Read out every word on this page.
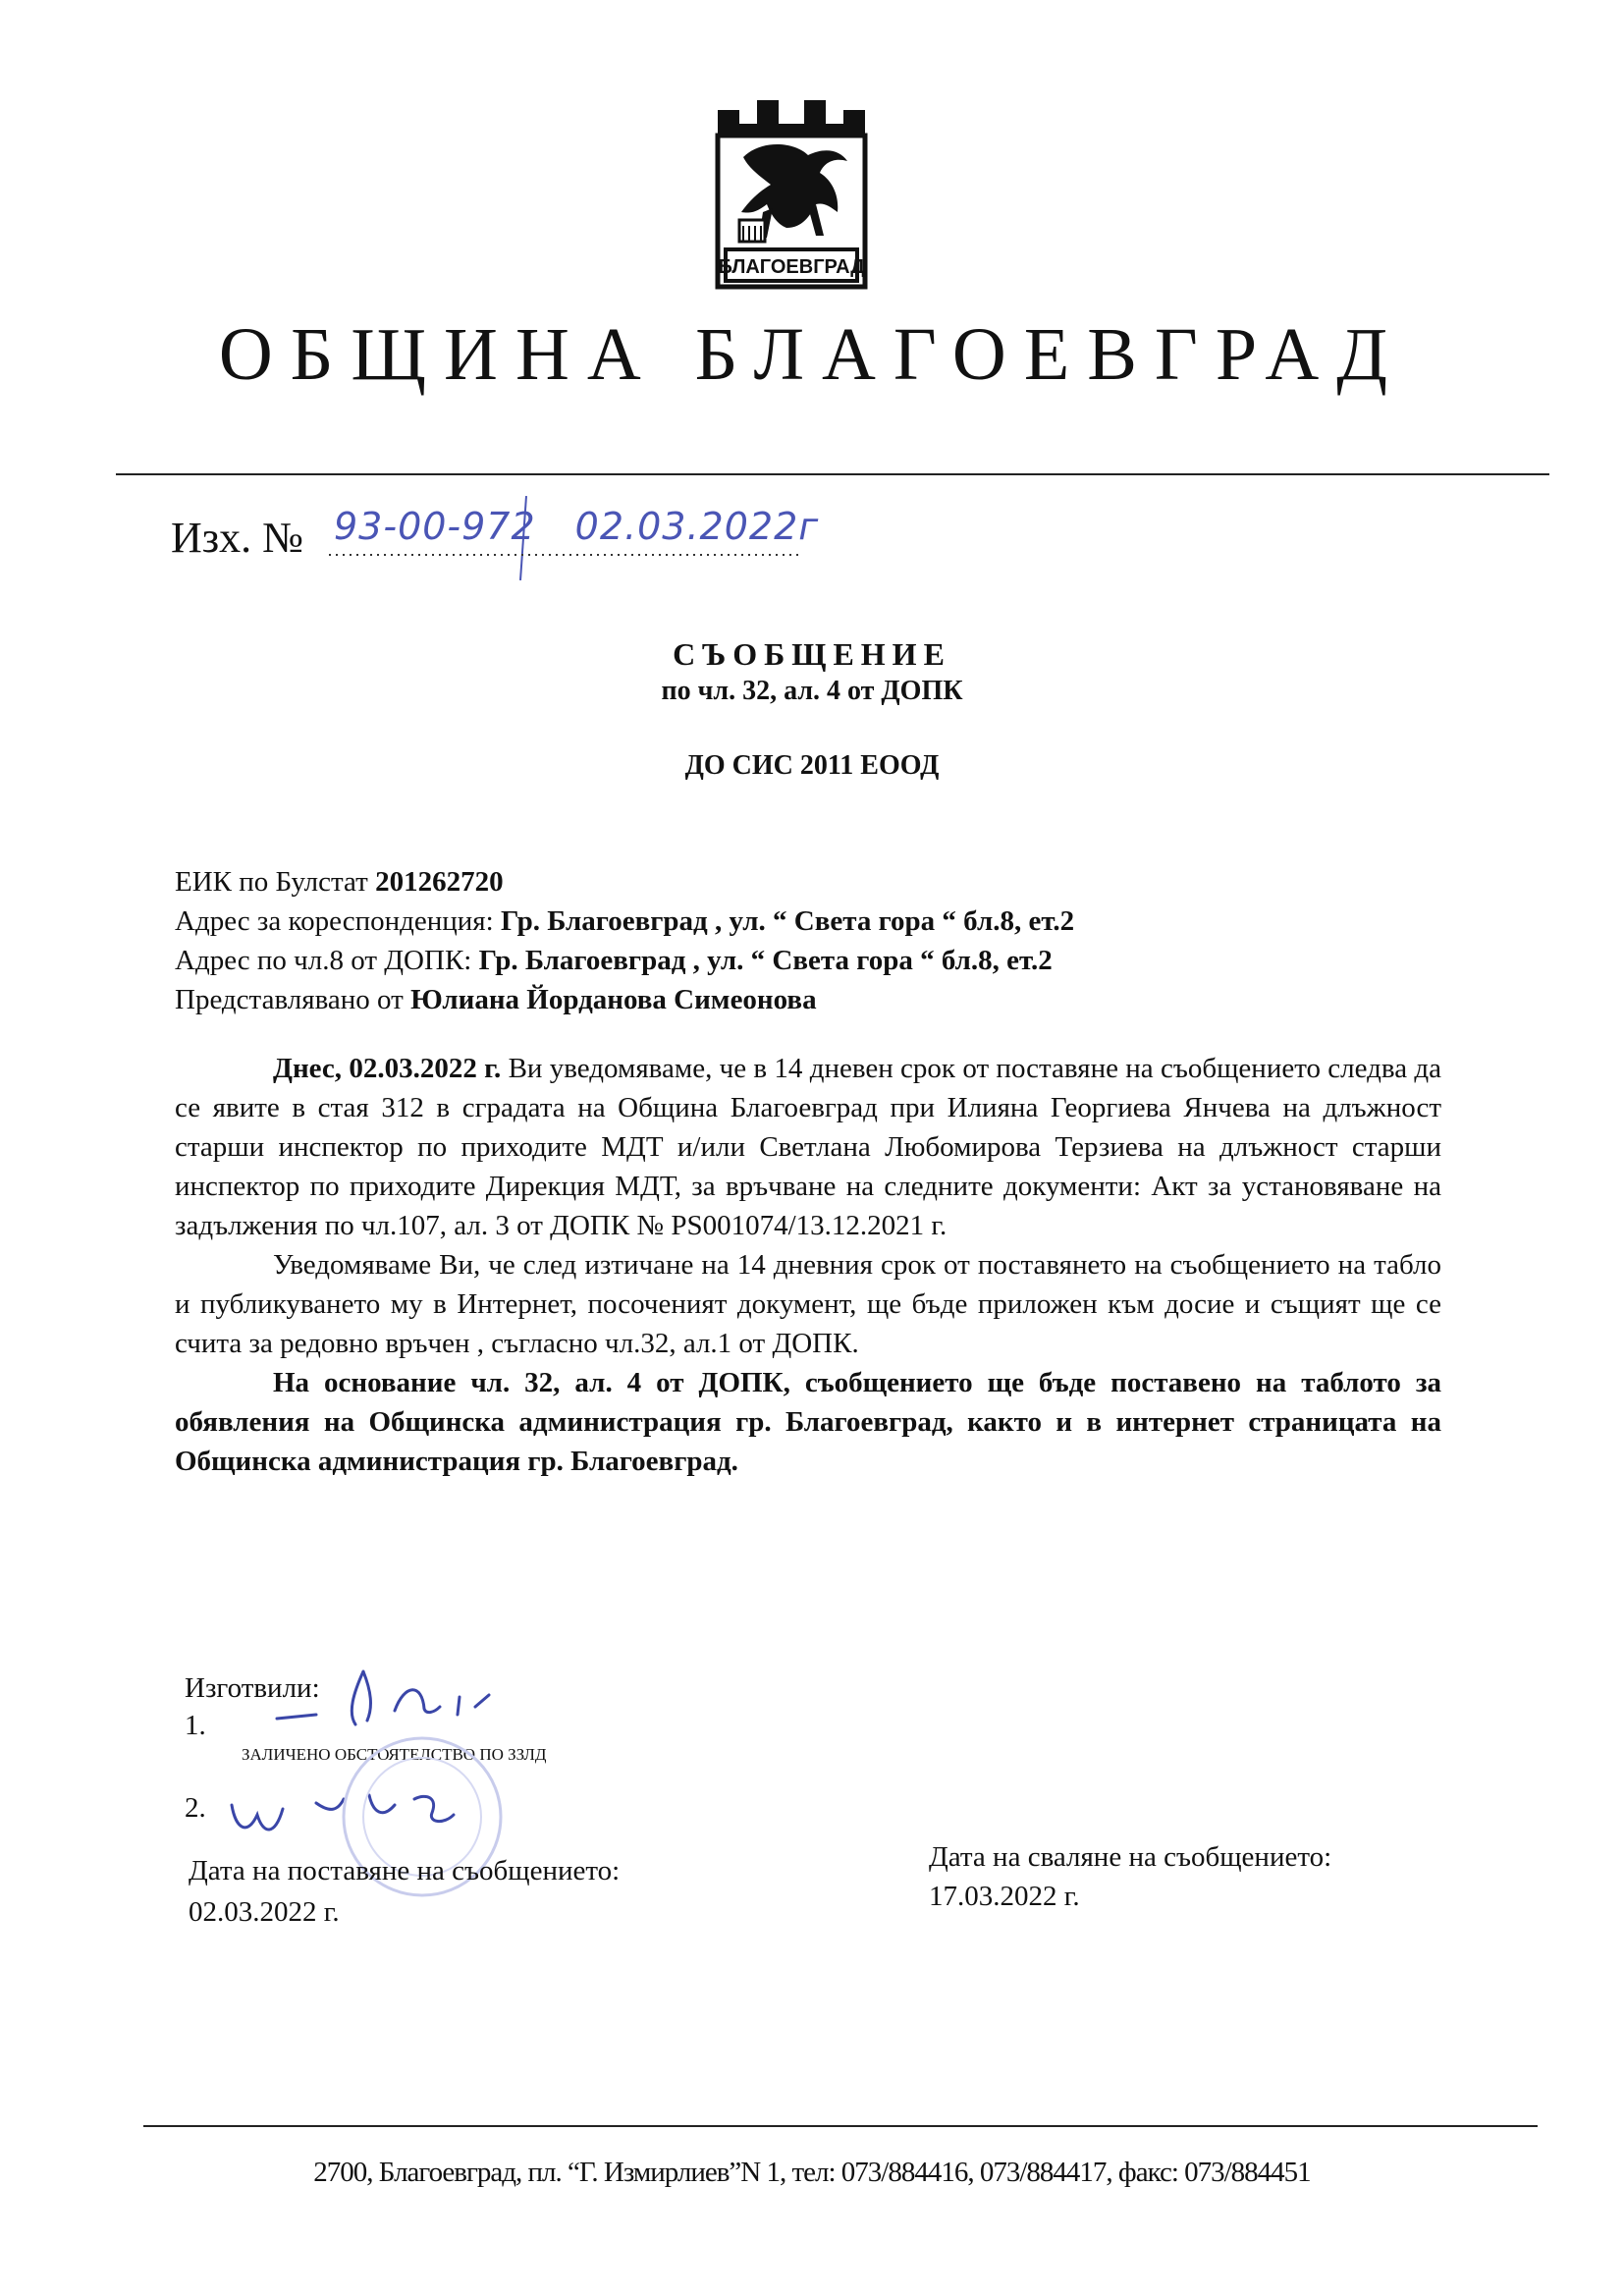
БЛАГОЕВГРАД
ОБЩИНА БЛАГОЕВГРАД
Изх. № 93-00-972 02.03.2022г
СЪОБЩЕНИЕ
по чл. 32, ал. 4 от ДОПК
ДО СИС 2011 ЕООД
ЕИК по Булстат 201262720
Адрес за кореспонденция: Гр. Благоевград , ул. “ Света гора “ бл.8, ет.2
Адрес по чл.8 от ДОПК: Гр. Благоевград , ул. “ Света гора “ бл.8, ет.2
Представлявано от Юлиана Йорданова Симеонова

Днес, 02.03.2022 г. Ви уведомяваме, че в 14 дневен срок от поставяне на съобщението следва да се явите в стая 312 в сградата на Община Благоевград при Илияна Георгиева Янчева на длъжност старши инспектор по приходите МДТ и/или Светлана Любомирова Терзиева на длъжност старши инспектор по приходите Дирекция МДТ, за връчване на следните документи: Акт за установяване на задължения по чл.107, ал. 3 от ДОПК № PS001074/13.12.2021 г.

Уведомяваме Ви, че след изтичане на 14 дневния срок от поставянето на съобщението на табло и публикуването му в Интернет, посоченият документ, ще бъде приложен към досие и същият ще се счита за редовно връчен , съгласно чл.32, ал.1 от ДОПК.

На основание чл. 32, ал. 4 от ДОПК, съобщението ще бъде поставено на таблото за обявления на Общинска администрация гр. Благоевград, както и в интернет страницата на Общинска администрация гр. Благоевград.

Изготвили:
1.
ЗАЛИЧЕНО ОБСТОЯТЕЛСТВО ПО ЗЗЛД
2.
Дата на поставяне на съобщението:
02.03.2022 г.
Дата на сваляне на съобщението:
17.03.2022 г.
2700, Благоевград, пл. “Г. Измирлиев”N 1, тел: 073/884416, 073/884417, факс: 073/884451
